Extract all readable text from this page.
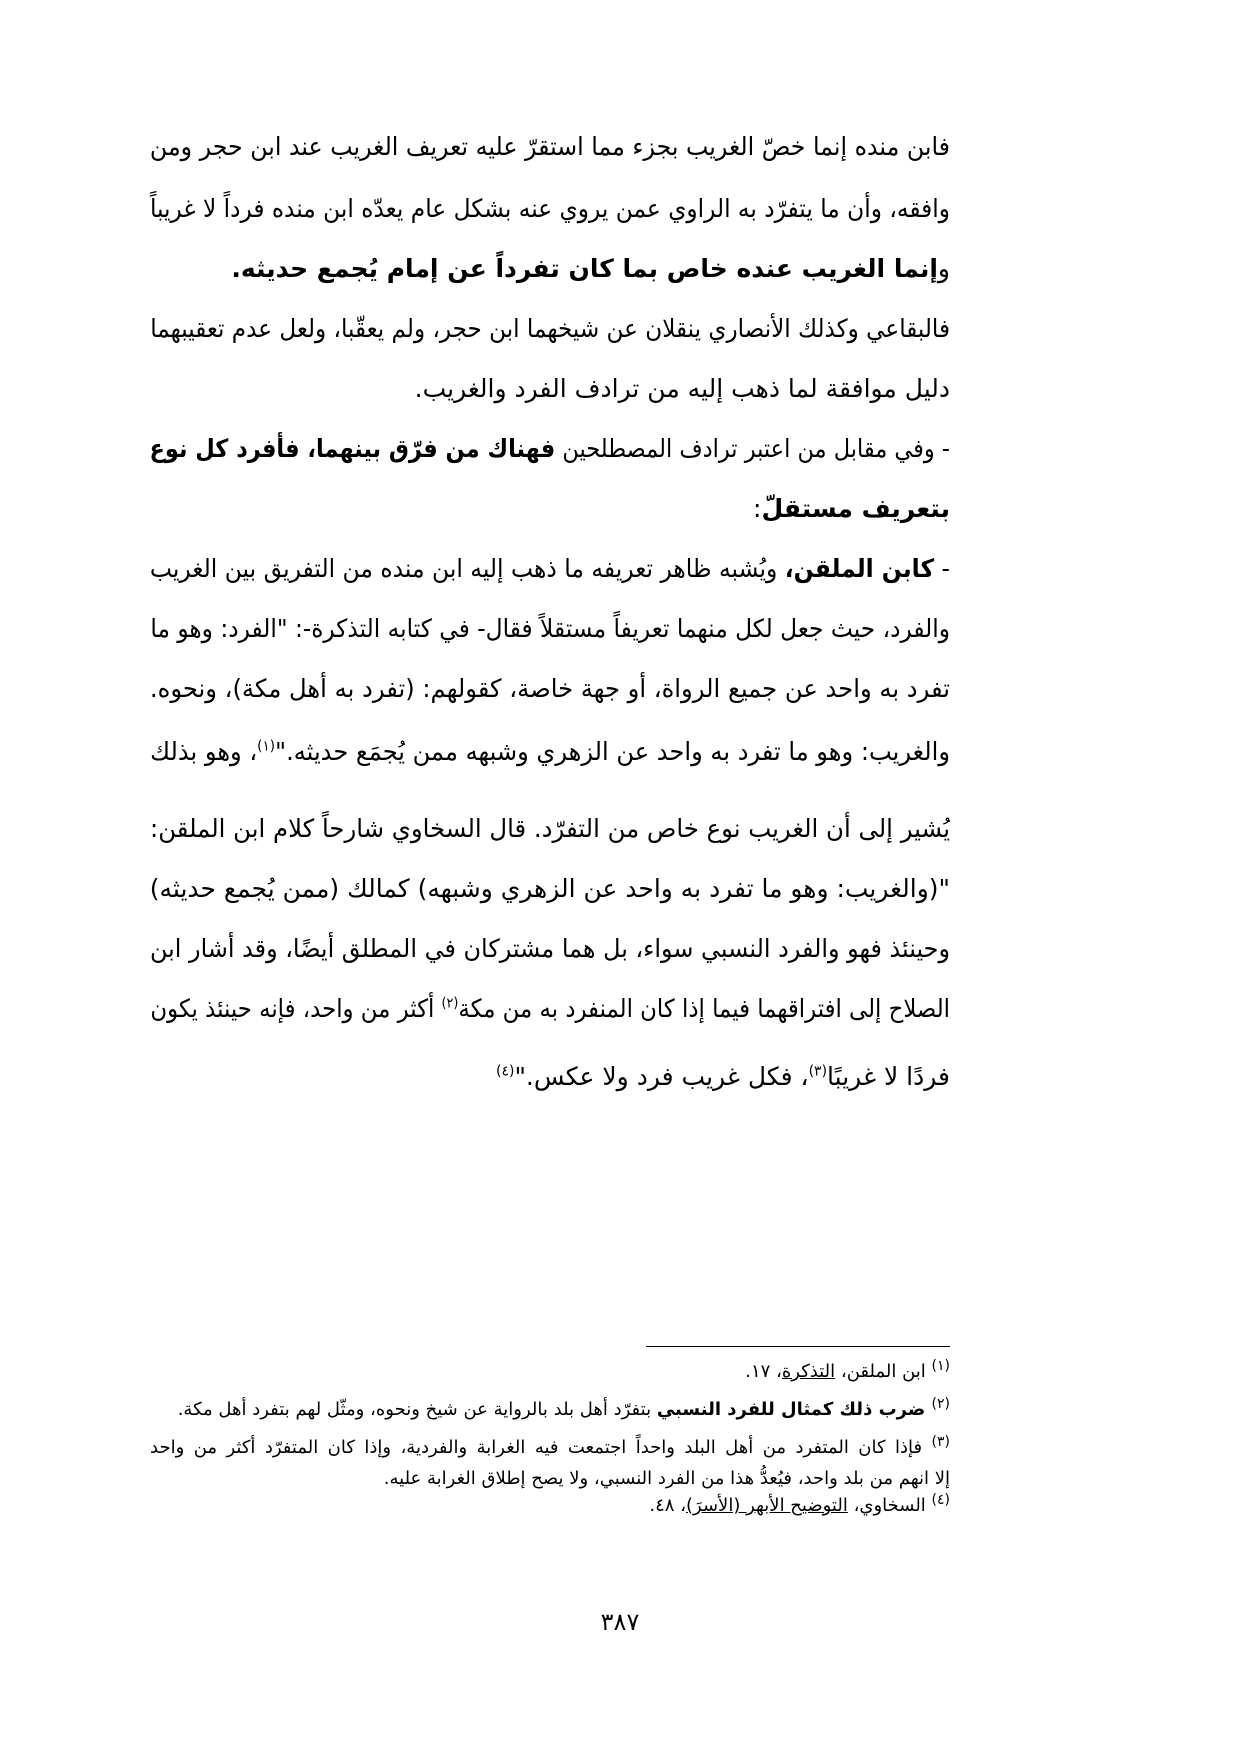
فابن منده إنما خصّ الغريب بجزء مما استقرّ عليه تعريف الغريب عند ابن حجر ومن
وافقه، وأن ما يتفرّد به الراوي عمن يروي عنه بشكل عام يعدّه ابن منده فرداً لا غريباً
وإنما الغريب عنده خاص بما كان تفرداً عن إمام يُجمع حديثه.
فالبقاعي وكذلك الأنصاري ينقلان عن شيخهما ابن حجر، ولم يعقّبا، ولعل عدم تعقيبهما
دليل موافقة لما ذهب إليه من ترادف الفرد والغريب.
- وفي مقابل من اعتبر ترادف المصطلحين فهناك من فرّق بينهما، فأفرد كل نوع
بتعريف مستقلّ:
- كابن الملقن، ويُشبه ظاهر تعريفه ما ذهب إليه ابن منده من التفريق بين الغريب
والفرد، حيث جعل لكل منهما تعريفاً مستقلاً فقال- في كتابه التذكرة-: "الفرد: وهو ما
تفرد به واحد عن جميع الرواة، أو جهة خاصة، كقولهم: (تفرد به أهل مكة)، ونحوه.
والغريب: وهو ما تفرد به واحد عن الزهري وشبهه ممن يُجمَع حديثه."$^{(١)}$، وهو بذلك
يُشير إلى أن الغريب نوع خاص من التفرّد. قال السخاوي شارحاً كلام ابن الملقن:
"(والغريب: وهو ما تفرد به واحد عن الزهري وشبهه) كمالك (ممن يُجمع حديثه)
وحينئذ فهو والفرد النسبي سواء، بل هما مشتركان في المطلق أيضًا، وقد أشار ابن
الصلاح إلى افتراقهما فيما إذا كان المنفرد به من مكة$^{(٢)}$ أكثر من واحد، فإنه حينئذ يكون
فردًا لا غريبًا$^{(٣)}$، فكل غريب فرد ولا عكس."$^{(٤)}$
$^{(١)}$ ابن الملقن، التذكرة، ١٧.
$^{(٢)}$ ضرب ذلك كمثال للفرد النسبي بتفرّد أهل بلد بالرواية عن شيخ ونحوه، ومثّل لهم بتفرد أهل مكة.
$^{(٣)}$ فإذا كان المتفرد من أهل البلد واحداً اجتمعت فيه الغرابة والفردية، وإذا كان المتفرّد أكثر من واحد
إلا انهم من بلد واحد، فيُعدُّ هذا من الفرد النسبي، ولا يصح إطلاق الغرابة عليه.
$^{(٤)}$ السخاوي، التوضيح الأبهر (الأسرَ)، ٤٨.
٣٨٧
